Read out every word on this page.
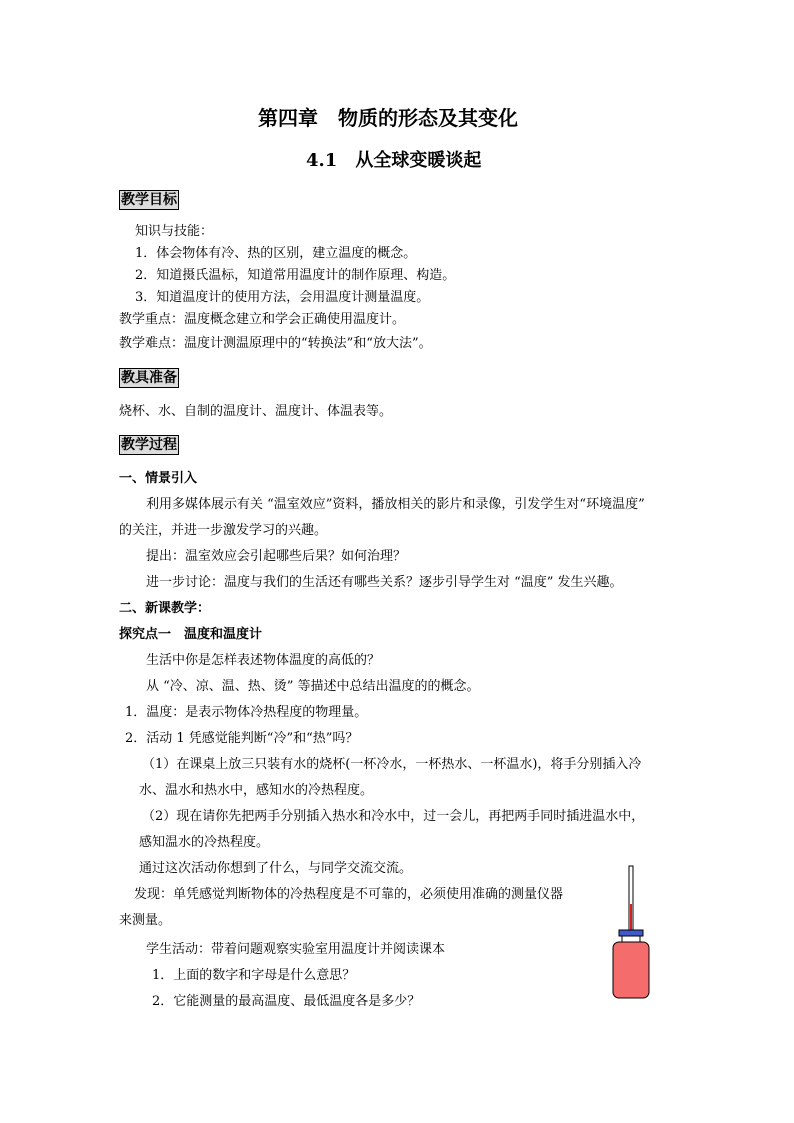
第四章　物质的形态及其变化
4.1　从全球变暖谈起
教学目标
知识与技能：
1．体会物体有冷、热的区别，建立温度的概念。
2．知道摄氏温标，知道常用温度计的制作原理、构造。
3．知道温度计的使用方法，会用温度计测量温度。
教学重点：温度概念建立和学会正确使用温度计。
教学难点：温度计测温原理中的“转换法”和“放大法”。
教具准备
烧杯、水、自制的温度计、温度计、体温表等。
教学过程
一、情景引入
利用多媒体展示有关 “温室效应”资料，播放相关的影片和录像，引发学生对“环境温度”
的关注，并进一步激发学习的兴趣。
提出：温室效应会引起哪些后果？如何治理？
进一步讨论：温度与我们的生活还有哪些关系？逐步引导学生对 “温度” 发生兴趣。
二、新课教学：
探究点一　温度和温度计
生活中你是怎样表述物体温度的高低的？
从 “冷、凉、温、热、烫” 等描述中总结出温度的的概念。
1．温度：是表示物体冷热程度的物理量。
2．活动 1 凭感觉能判断“冷”和“热”吗？
（1）在课桌上放三只装有水的烧杯(一杯冷水，一杯热水、一杯温水)，将手分别插入冷
水、温水和热水中，感知水的冷热程度。
（2）现在请你先把两手分别插入热水和冷水中，过一会儿，再把两手同时插进温水中，
感知温水的冷热程度。
通过这次活动你想到了什么，与同学交流交流。
发现：单凭感觉判断物体的冷热程度是不可靠的，必须使用准确的测量仪器
来测量。
学生活动：带着问题观察实验室用温度计并阅读课本
1．上面的数字和字母是什么意思？
2．它能测量的最高温度、最低温度各是多少？
